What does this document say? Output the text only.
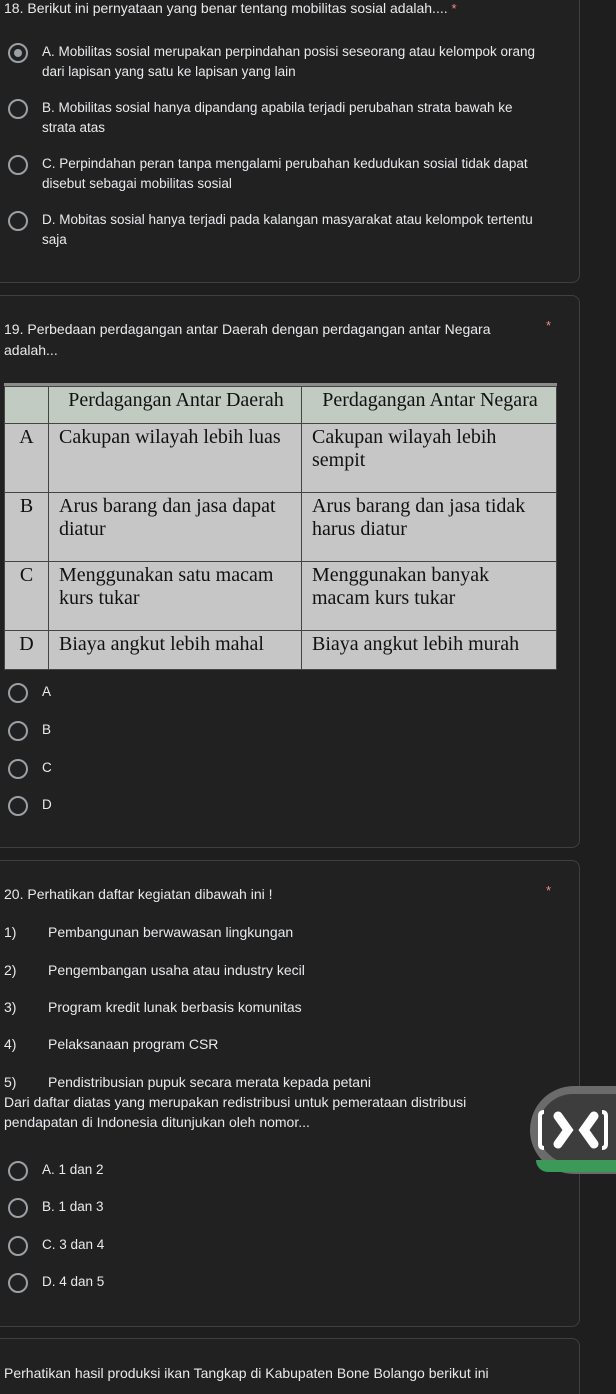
18. Berikut ini pernyataan yang benar tentang mobilitas sosial adalah.... *
A. Mobilitas sosial merupakan perpindahan posisi seseorang atau kelompok orang
dari lapisan yang satu ke lapisan yang lain
B. Mobilitas sosial hanya dipandang apabila terjadi perubahan strata bawah ke
strata atas
C. Perpindahan peran tanpa mengalami perubahan kedudukan sosial tidak dapat
disebut sebagai mobilitas sosial
D. Mobitas sosial hanya terjadi pada kalangan masyarakat atau kelompok tertentu
saja
19. Perbedaan perdagangan antar Daerah dengan perdagangan antar Negara
adalah...
*
	Perdagangan Antar Daerah	Perdagangan Antar Negara
A	Cakupan wilayah lebih luas	Cakupan wilayah lebih sempit
B	Arus barang dan jasa dapat diatur	Arus barang dan jasa tidak harus diatur
C	Menggunakan satu macam kurs tukar	Menggunakan banyak macam kurs tukar
D	Biaya angkut lebih mahal	Biaya angkut lebih murah
A
B
C
D
20. Perhatikan daftar kegiatan dibawah ini !	*
1) Pembangunan berwawasan lingkungan
2) Pengembangan usaha atau industry kecil
3) Program kredit lunak berbasis komunitas
4) Pelaksanaan program CSR
5) Pendistribusian pupuk secara merata kepada petani
Dari daftar diatas yang merupakan redistribusi untuk pemerataan distribusi
pendapatan di Indonesia ditunjukan oleh nomor...
A. 1 dan 2
B. 1 dan 3
C. 3 dan 4
D. 4 dan 5
Perhatikan hasil produksi ikan Tangkap di Kabupaten Bone Bolango berikut ini
